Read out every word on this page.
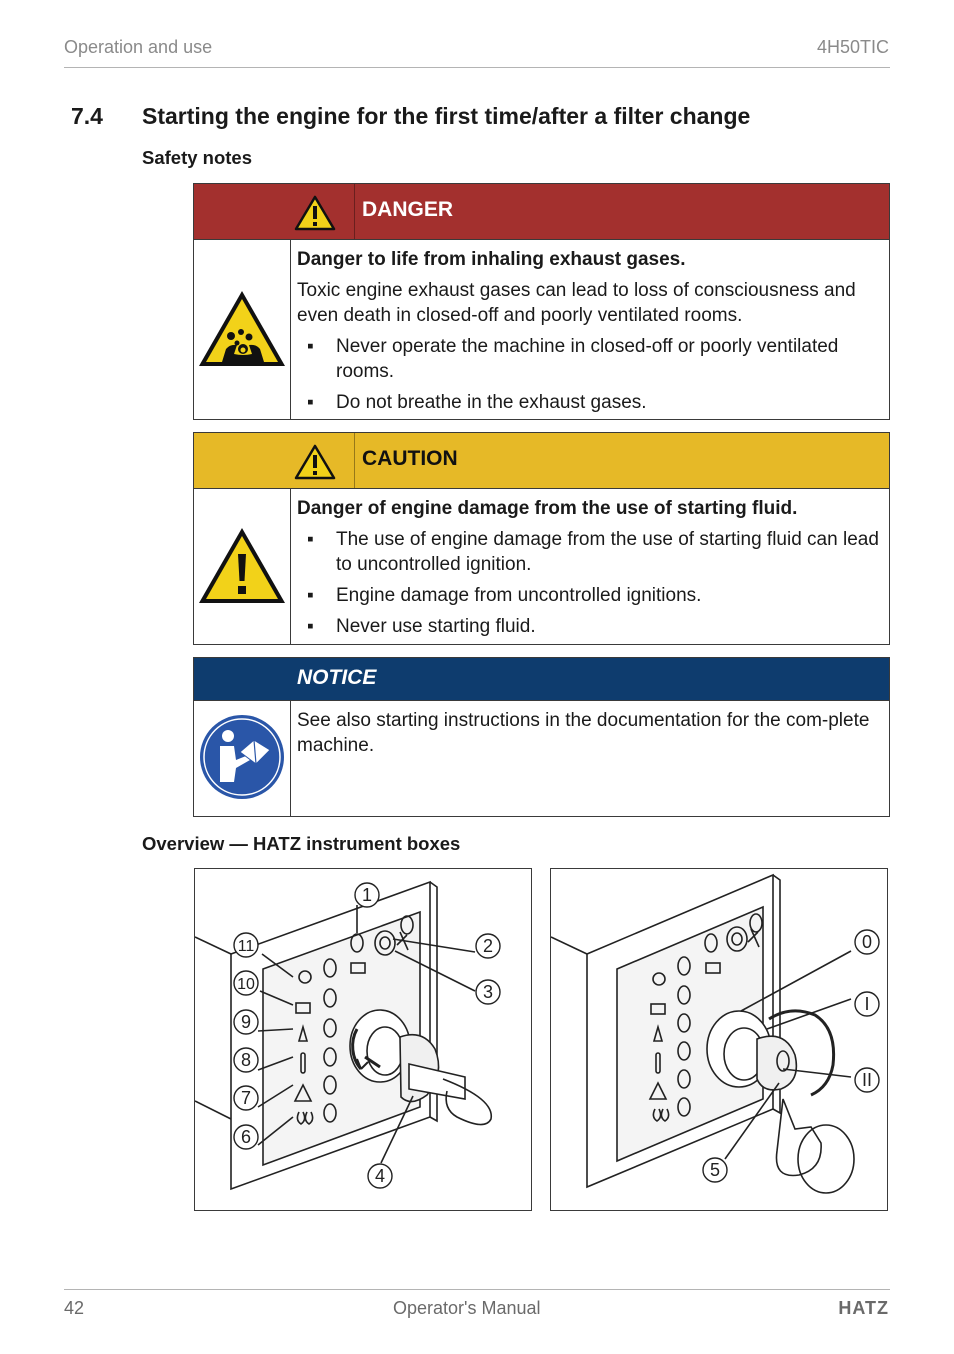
Operation and use	4H50TIC
7.4 Starting the engine for the first time/after a filter change
Safety notes
DANGER
Danger to life from inhaling exhaust gases.
Toxic engine exhaust gases can lead to loss of consciousness and even death in closed-off and poorly ventilated rooms.
▪ Never operate the machine in closed-off or poorly ventilated rooms.
▪ Do not breathe in the exhaust gases.
CAUTION
Danger of engine damage from the use of starting fluid.
▪ The use of engine damage from the use of starting fluid can lead to uncontrolled ignition.
▪ Engine damage from uncontrolled ignitions.
▪ Never use starting fluid.
NOTICE
See also starting instructions in the documentation for the com-plete machine.
Overview — HATZ instrument boxes
1
2
3
4
6
7
8
9
10
11	0
I
II
5
42	Operator's Manual	HATZ
